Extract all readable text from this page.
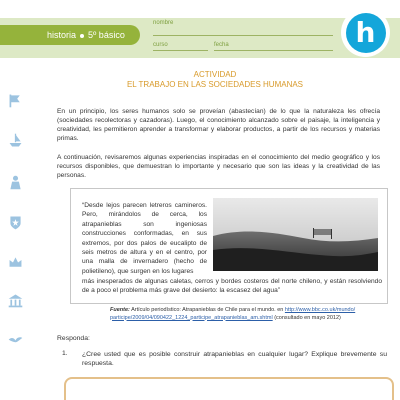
historia 5º básico
nombre
curso	fecha	h
ACTIVIDAD
EL TRABAJO EN LAS SOCIEDADES HUMANAS

En un principio, los seres humanos solo se proveían (abastecían) de lo que la naturaleza les ofrecía (sociedades recolectoras y cazadoras). Luego, el conocimiento alcanzado sobre el paisaje, la inteligencia y creatividad, les permitieron aprender a transformar y elaborar productos, a partir de los recursos y materias primas.

A continuación, revisaremos algunas experiencias inspiradas en el conocimiento del medio geográfico y los recursos disponibles, que demuestran lo importante y necesario que son las ideas y la creatividad de las personas.

“Desde lejos parecen letreros camineros. Pero, mirándolos de cerca, los atrapanieblas son ingeniosas construcciones conformadas, en sus extremos, por dos palos de eucalipto de seis metros de altura y en el centro, por una malla de invernadero (hecho de polietileno), que surgen en los lugares

más inesperados de algunas caletas, cerros y bordes costeros del norte chileno, y están resolviendo de a poco el problema más grave del desierto: la escasez del agua”

Fuente: Artículo periodístico: Atrapanieblas de Chile para el mundo. en http://www.bbc.co.uk/mundo/ participe/2009/04/090422_1224_participe_atrapanieblas_am.shtml (consultado en mayo 2012)

Responda:
1. ¿Cree usted que es posible construir atrapanieblas en cualquier lugar? Explique brevemente su respuesta.
